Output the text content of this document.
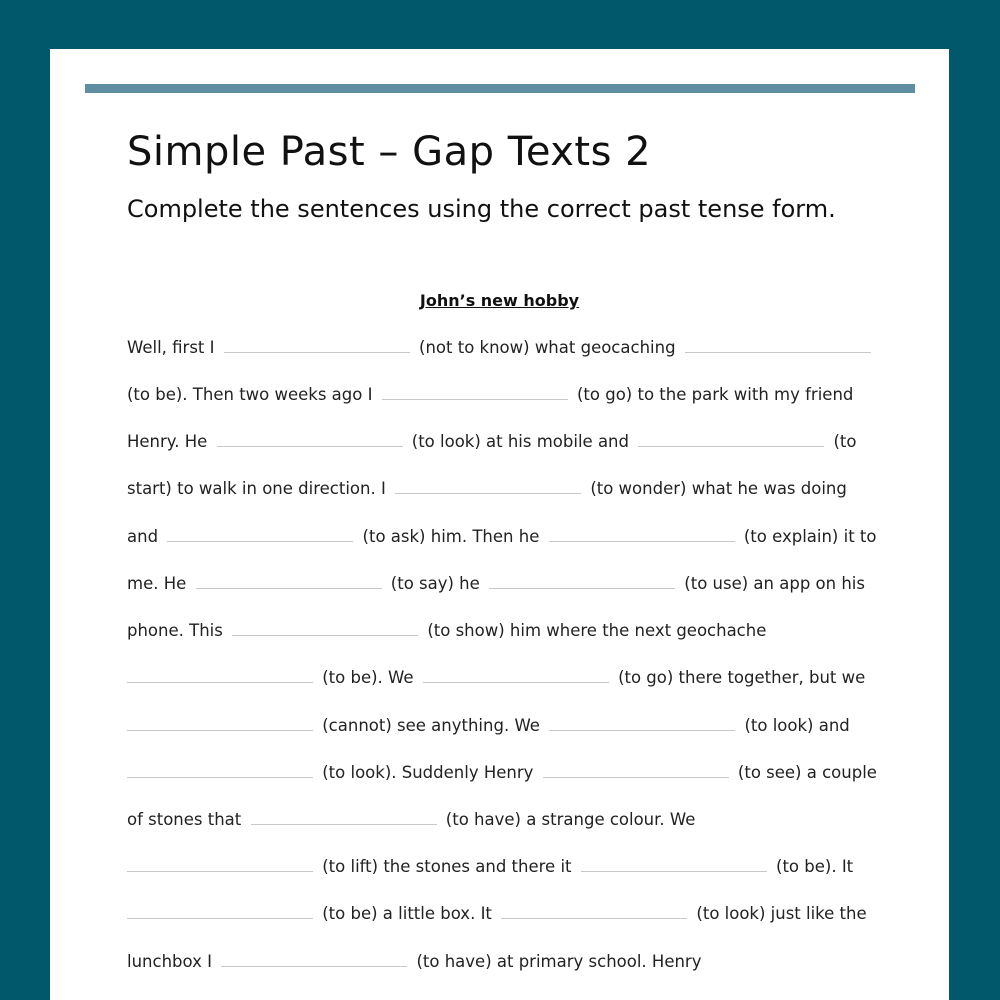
Simple Past – Gap Texts 2
Complete the sentences using the correct past tense form.
John’s new hobby
Well, first I	(not to know) what geocaching
(to be). Then two weeks ago I	(to go) to the park with my friend
Henry. He	(to look) at his mobile and	(to
start) to walk in one direction. I	(to wonder) what he was doing
and	(to ask) him. Then he	(to explain) it to
me. He	(to say) he	(to use) an app on his
phone. This	(to show) him where the next geochache
(to be). We	(to go) there together, but we
(cannot) see anything. We	(to look) and
(to look). Suddenly Henry	(to see) a couple
of stones that	(to have) a strange colour. We
(to lift) the stones and there it	(to be). It
(to be) a little box. It	(to look) just like the
lunchbox I	(to have) at primary school. Henry
